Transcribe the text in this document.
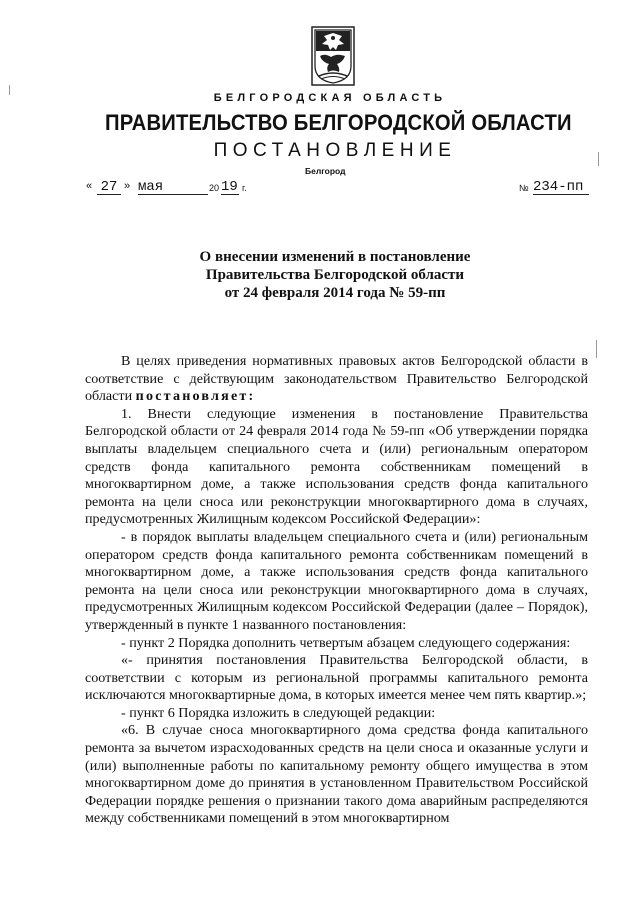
БЕЛГОРОДСКАЯ ОБЛАСТЬ
ПРАВИТЕЛЬСТВО БЕЛГОРОДСКОЙ ОБЛАСТИ
ПОСТАНОВЛЕНИЕ
Белгород
« 27 » мая	20 19 г.	№ 234-пп
О внесении изменений в постановление
Правительства Белгородской области
от 24 февраля 2014 года № 59-пп

В целях приведения нормативных правовых актов Белгородской области в соответствие с действующим законодательством Правительство Белгородской области постановляет:

1. Внести следующие изменения в постановление Правительства Белгородской области от 24 февраля 2014 года № 59-пп «Об утверждении порядка выплаты владельцем специального счета и (или) региональным оператором средств фонда капитального ремонта собственникам помещений в многоквартирном доме, а также использования средств фонда капитального ремонта на цели сноса или реконструкции многоквартирного дома в случаях, предусмотренных Жилищным кодексом Российской Федерации»:

- в порядок выплаты владельцем специального счета и (или) региональным оператором средств фонда капитального ремонта собственникам помещений в многоквартирном доме, а также использования средств фонда капитального ремонта на цели сноса или реконструкции многоквартирного дома в случаях, предусмотренных Жилищным кодексом Российской Федерации (далее – Порядок), утвержденный в пункте 1 названного постановления:

- пункт 2 Порядка дополнить четвертым абзацем следующего содержания:

«- принятия постановления Правительства Белгородской области, в соответствии с которым из региональной программы капитального ремонта исключаются многоквартирные дома, в которых имеется менее чем пять квартир.»;

- пункт 6 Порядка изложить в следующей редакции:

«6. В случае сноса многоквартирного дома средства фонда капитального ремонта за вычетом израсходованных средств на цели сноса и оказанные услуги и (или) выполненные работы по капитальному ремонту общего имущества в этом многоквартирном доме до принятия в установленном Правительством Российской Федерации порядке решения о признании такого дома аварийным распределяются между собственниками помещений в этом многоквартирном
